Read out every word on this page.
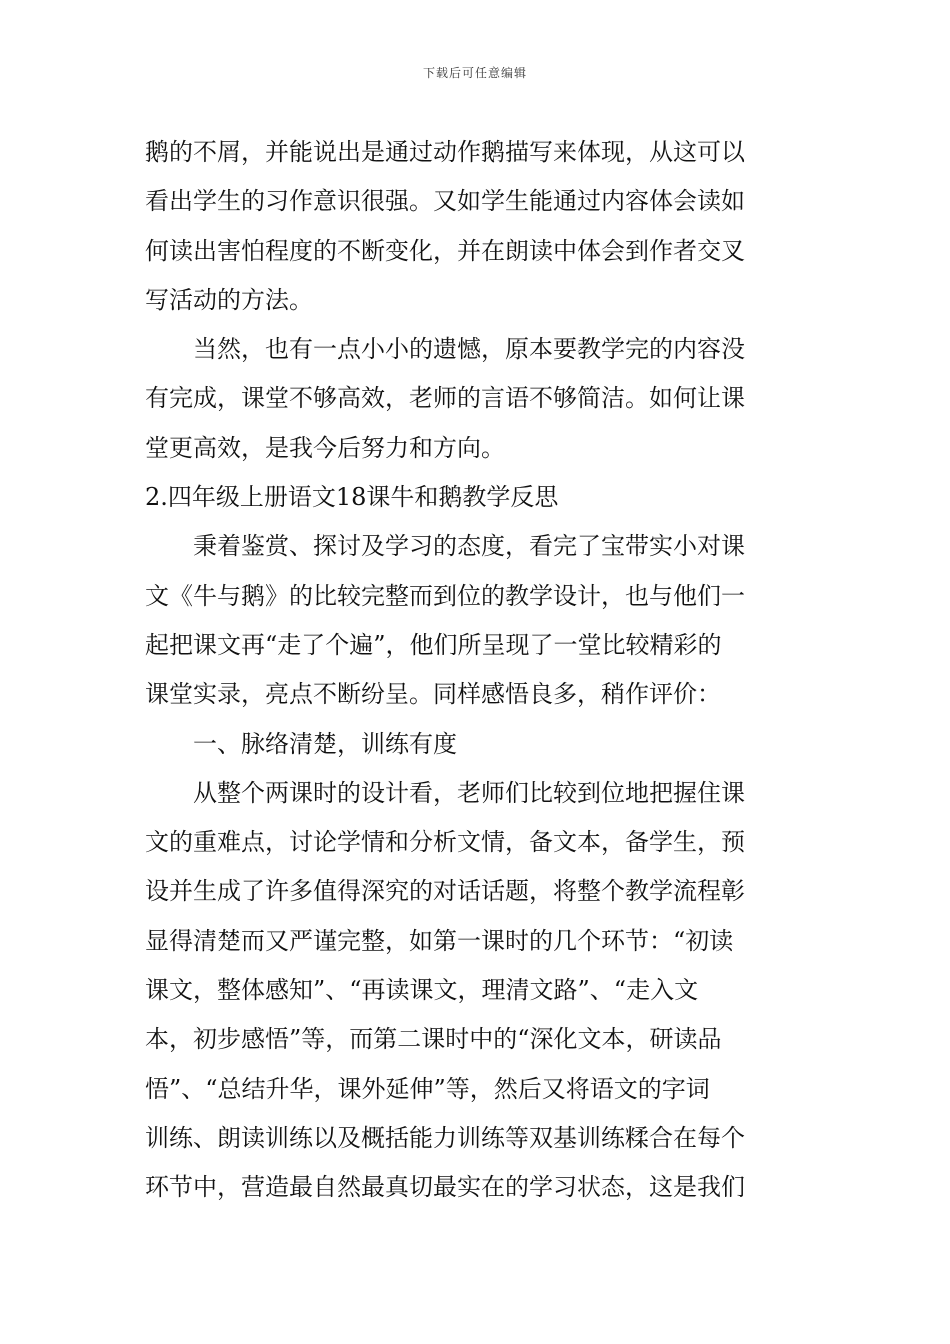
下载后可任意编辑
鹅的不屑，并能说出是通过动作鹅描写来体现，从这可以
看出学生的习作意识很强。又如学生能通过内容体会读如
何读出害怕程度的不断变化，并在朗读中体会到作者交叉
写活动的方法。
当然，也有一点小小的遗憾，原本要教学完的内容没
有完成，课堂不够高效，老师的言语不够简洁。如何让课
堂更高效，是我今后努力和方向。
2.四年级上册语文18课牛和鹅教学反思
秉着鉴赏、探讨及学习的态度，看完了宝带实小对课
文《牛与鹅》的比较完整而到位的教学设计，也与他们一
起把课文再“走了个遍”，他们所呈现了一堂比较精彩的
课堂实录，亮点不断纷呈。同样感悟良多，稍作评价：
一、脉络清楚，训练有度
从整个两课时的设计看，老师们比较到位地把握住课
文的重难点，讨论学情和分析文情，备文本，备学生，预
设并生成了许多值得深究的对话话题，将整个教学流程彰
显得清楚而又严谨完整，如第一课时的几个环节：“初读
课文，整体感知”、“再读课文，理清文路”、“走入文
本，初步感悟”等，而第二课时中的“深化文本，研读品
悟”、“总结升华，课外延伸”等，然后又将语文的字词
训练、朗读训练以及概括能力训练等双基训练糅合在每个
环节中，营造最自然最真切最实在的学习状态，这是我们
